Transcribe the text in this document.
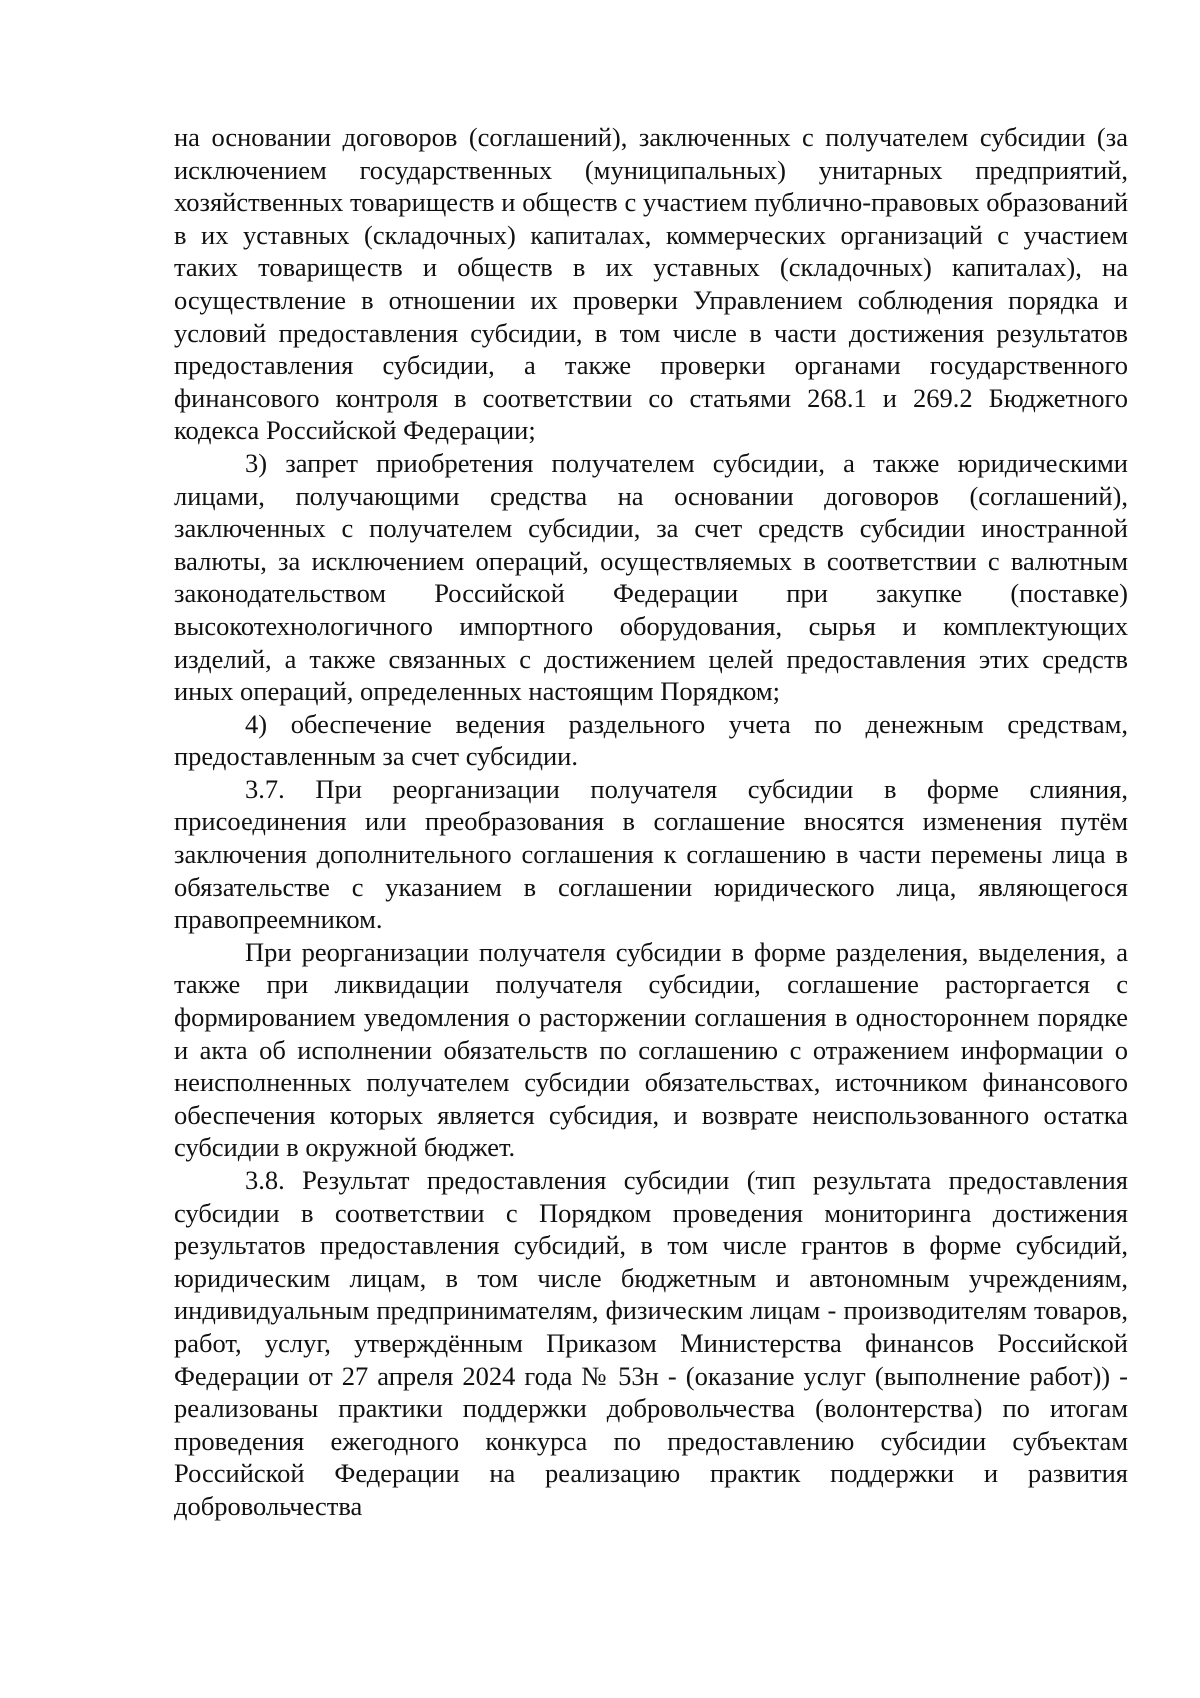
на основании договоров (соглашений), заключенных с получателем субсидии (за исключением государственных (муниципальных) унитарных предприятий, хозяйственных товариществ и обществ с участием публично-правовых образований в их уставных (складочных) капиталах, коммерческих организаций с участием таких товариществ и обществ в их уставных (складочных) капиталах), на осуществление в отношении их проверки Управлением соблюдения порядка и условий предоставления субсидии, в том числе в части достижения результатов предоставления субсидии, а также проверки органами государственного финансового контроля в соответствии со статьями 268.1 и 269.2 Бюджетного кодекса Российской Федерации;

3) запрет приобретения получателем субсидии, а также юридическими лицами, получающими средства на основании договоров (соглашений), заключенных с получателем субсидии, за счет средств субсидии иностранной валюты, за исключением операций, осуществляемых в соответствии с валютным законодательством Российской Федерации при закупке (поставке) высокотехнологичного импортного оборудования, сырья и комплектующих изделий, а также связанных с достижением целей предоставления этих средств иных операций, определенных настоящим Порядком;

4) обеспечение ведения раздельного учета по денежным средствам, предоставленным за счет субсидии.

3.7. При реорганизации получателя субсидии в форме слияния, присоединения или преобразования в соглашение вносятся изменения путём заключения дополнительного соглашения к соглашению в части перемены лица в обязательстве с указанием в соглашении юридического лица, являющегося правопреемником.

При реорганизации получателя субсидии в форме разделения, выделения, а также при ликвидации получателя субсидии, соглашение расторгается с формированием уведомления о расторжении соглашения в одностороннем порядке и акта об исполнении обязательств по соглашению с отражением информации о неисполненных получателем субсидии обязательствах, источником финансового обеспечения которых является субсидия, и возврате неиспользованного остатка субсидии в окружной бюджет.

3.8. Результат предоставления субсидии (тип результата предоставления субсидии в соответствии с Порядком проведения мониторинга достижения результатов предоставления субсидий, в том числе грантов в форме субсидий, юридическим лицам, в том числе бюджетным и автономным учреждениям, индивидуальным предпринимателям, физическим лицам - производителям товаров, работ, услуг, утверждённым Приказом Министерства финансов Российской Федерации от 27 апреля 2024 года № 53н - (оказание услуг (выполнение работ)) - реализованы практики поддержки добровольчества (волонтерства) по итогам проведения ежегодного конкурса по предоставлению субсидии субъектам Российской Федерации на реализацию практик поддержки и развития добровольчества
